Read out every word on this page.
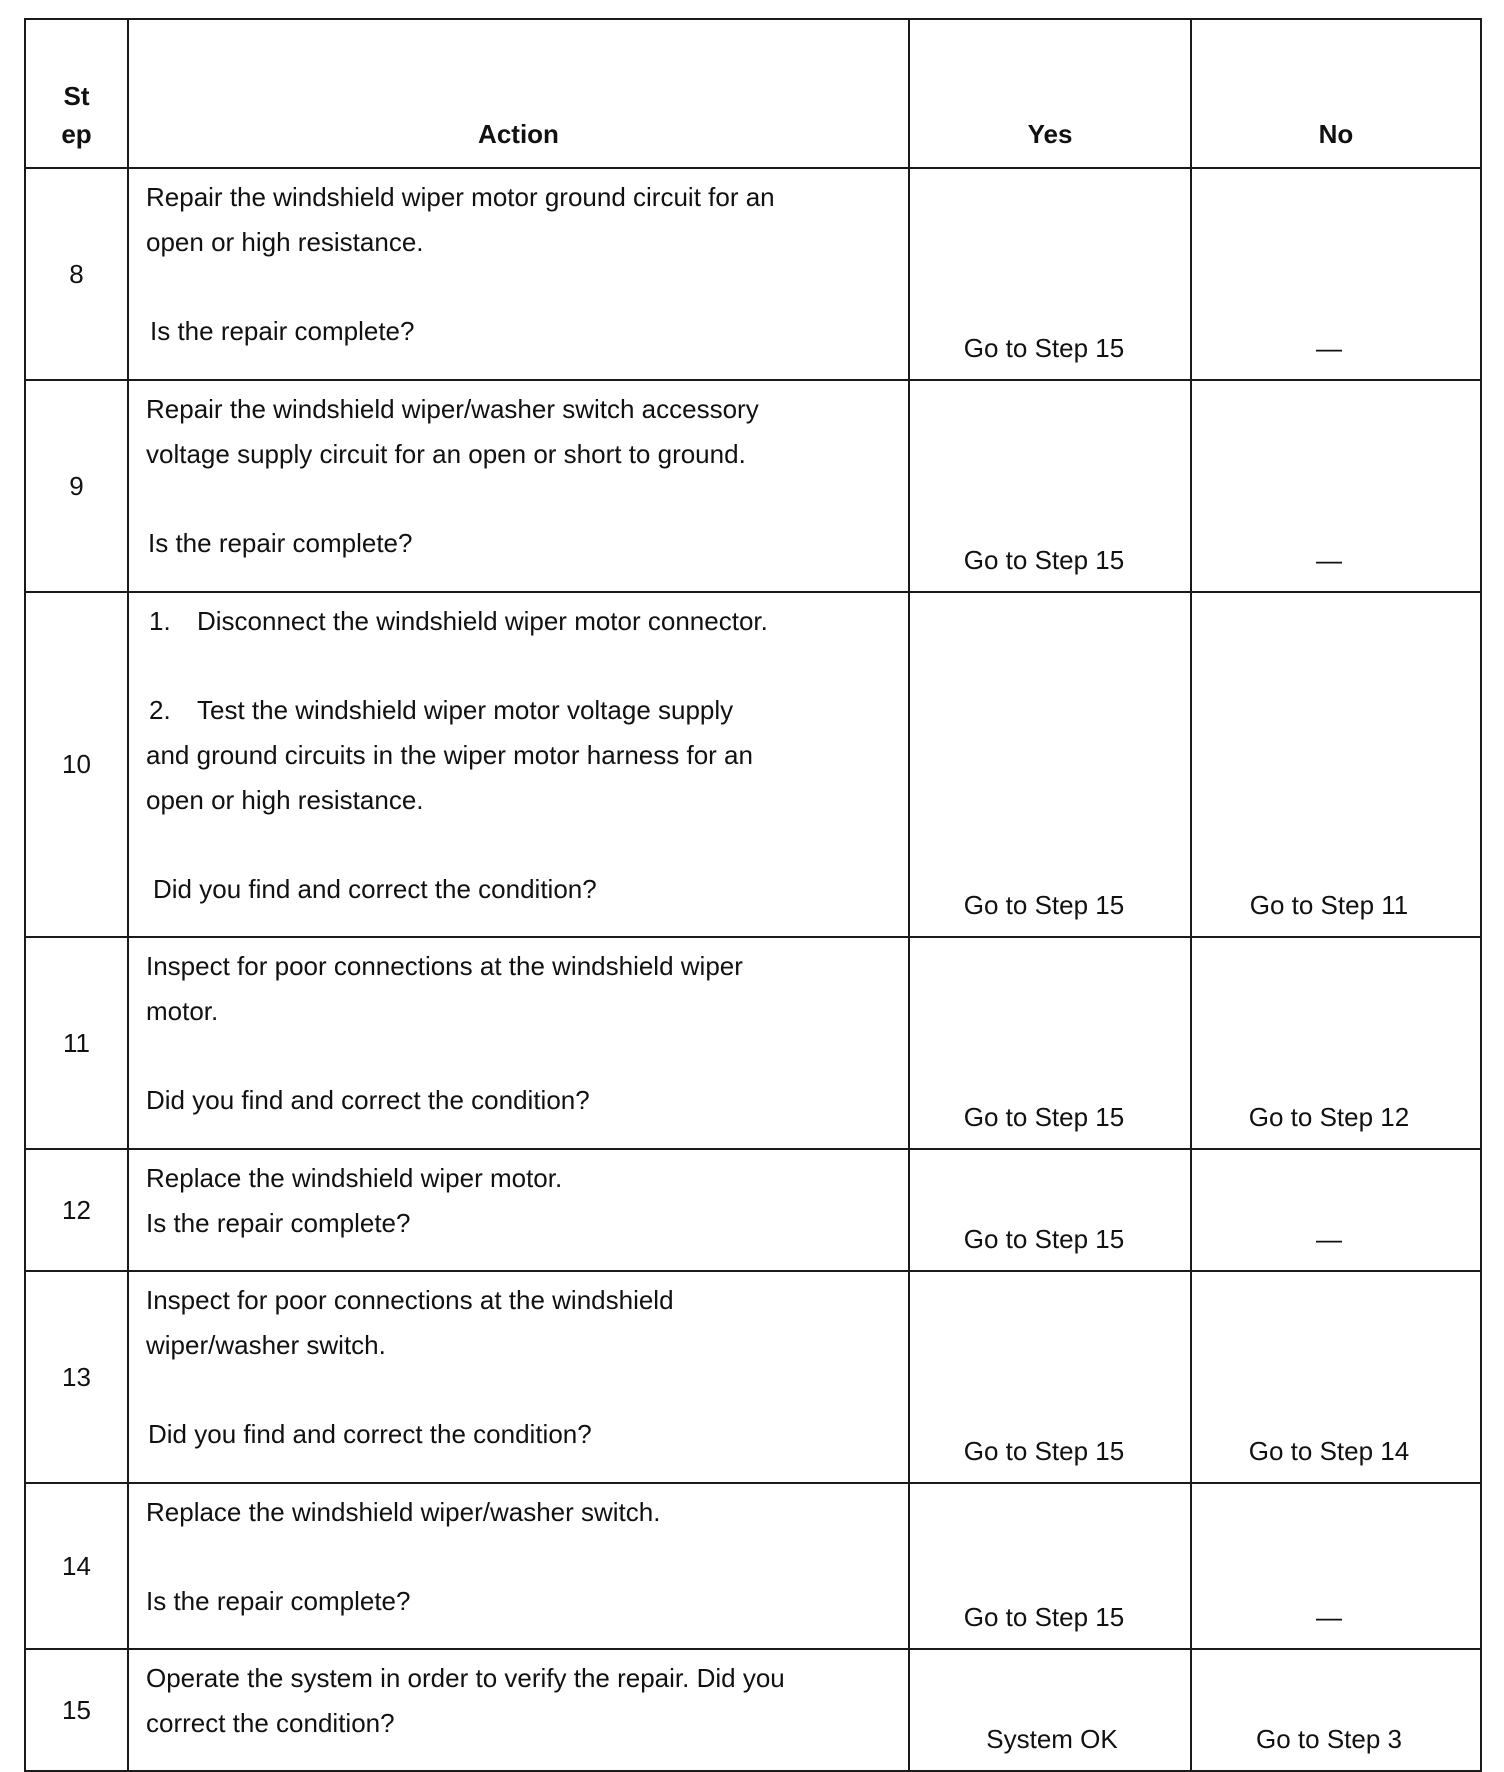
Step	Action	Yes	No
8	Repair the windshield wiper motor ground circuit for an
open or high resistance.
Is the repair complete?	Go to Step 15	—
9	Repair the windshield wiper/washer switch accessory
voltage supply circuit for an open or short to ground.
Is the repair complete?	Go to Step 15	—
10	1. Disconnect the windshield wiper motor connector.
2. Test the windshield wiper motor voltage supply
and ground circuits in the wiper motor harness for an
open or high resistance.
Did you find and correct the condition?	Go to Step 15	Go to Step 11
11	Inspect for poor connections at the windshield wiper
motor.
Did you find and correct the condition?	Go to Step 15	Go to Step 12
12	Replace the windshield wiper motor.
Is the repair complete?	Go to Step 15	—
13	Inspect for poor connections at the windshield
wiper/washer switch.
Did you find and correct the condition?	Go to Step 15	Go to Step 14
14	Replace the windshield wiper/washer switch.
Is the repair complete?	Go to Step 15	—
15	Operate the system in order to verify the repair. Did you
correct the condition?	System OK	Go to Step 3
